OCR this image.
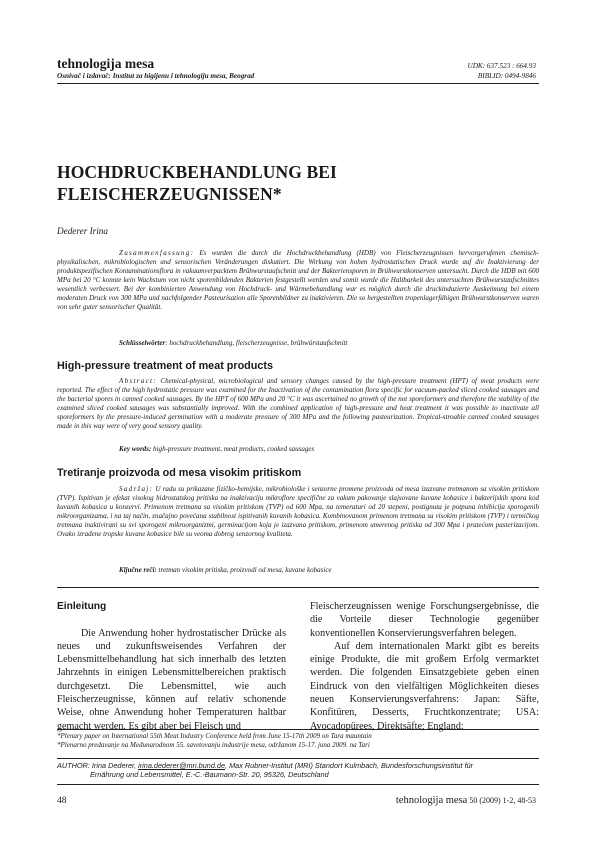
tehnologija mesa
Osnivač i izdavač: Institut za higijenu i tehnologiju mesa, Beograd
UDK: 637.523 : 664.93
BIBLID: 0494-9846
HOCHDRUCKBEHANDLUNG BEI FLEISCHERZEUGNISSEN*
Dederer Irina
Zusammenfassung: Es wurden die durch die Hochdruckbehandlung (HDB) von Fleischerzeugnissen hervorgerufenen chemisch-physikalischen, mikrobiologischen und sensorischen Veränderungen diskutiert. Die Wirkung von hohen hydrostatischen Druck wurde auf die Inaktivierung der produktspezifischen Kontaminationsflora in vakuumverpacktem Brühwurstaufschnitt und der Bakteriensporen in Brühwurstkonserven untersucht. Durch die HDB mit 600 MPa bei 20 °C konnte kein Wachstum von nicht sporenbildenden Bakterien festgestellt werden und somit wurde die Haltbarkeit des untersuchten Brühwurstaufschnittes wesentlich verbessert. Bei der kombinierten Anwendung von Hochdruck- und Wärmebehandlung war es möglich durch die druckinduzierte Auskeimung bei einem moderaten Druck von 300 MPa und nachfolgender Pasteurisation alle Sporenbildner zu inaktivieren. Die so hergestellten tropenlagerfähigen Brühwurstkonserven waren von sehr guter sensorischer Qualität.
Schlüsselwörter: hochdruckbehandlung, fleischerzeugnisse, brühwürstaufschnitt
High-pressure treatment of meat products
Abstract: Chemical-physical, microbiological and sensory changes caused by the high-pressure treatment (HPT) of meat products were reported. The effect of the high hydrostatic pressure was examined for the Inactivation of the contamination flora specific for vacuum-packed sliced cooked sausages and the bacterial spores in canned cooked sausages. By the HPT of 600 MPa and 20 °C it was ascertained no growth of the not sporeformers and therefore the stability of the examined sliced cooked sausages was substantially improved. With the combined application of high-pressure and heat treatment it was possible to inactivate all sporeformers by the pressure-induced germination with a moderate pressure of 300 MPa and the following pasteurization. Tropical-stroable canned cooked sausages made in this way were of very good sensory quality.
Key words: high-pressure treatment, meat products, cooked sausages
Tretiranje proizvoda od mesa visokim pritiskom
Sadržaj: U radu su prikazane fizičko-hemijske, mikrobiološke i senzorne promene proizvoda od mesa izazvane tretmanom sa visokim pritiskom (TVP). Ispitivan je efekat visokog hidrostatskog pritiska na inaktivaciju mikroflore specifične za vakum pakovanje slajsovane kuvane kobasice i bakterijskih spora kod kuvanih kobasica u konzervi. Primenom tretmana sa visokim pritiskom (TVP) od 600 Mpa, na temeraturi od 20 stepeni, postignuta je potpuna inhibicija sporogenih mikroorganizama, i na taj način, značajno povećana stabilnost ispitivanih kuvanih kobasica. Kombinovanom primenom tretmana sa visokim pritiskom (TVP) i termičkog tretmana inaktivirani su svi sporogeni mikroorganizmi, germinacijom koja je izazvana pritiskom, primenom umerenog pritiska od 300 Mpa i pratećom pasterizacijom. Ovako izrađene tropske kuvane kobasice bile su veoma dobrog senzornog kvaliteta.
Ključne reči: tretman visokim pritiska, proizvodi od mesa, kuvane kobasice
Einleitung

Die Anwendung hoher hydrostatischer Drücke als neues und zukunftsweisendes Verfahren der Lebensmittelbehandlung hat sich innerhalb des letzten Jahrzehnts in einigen Lebensmittelbereichen praktisch durchgesetzt. Die Lebensmittel, wie auch Fleischerzeugnisse, können auf relativ schonende Weise, ohne Anwendung hoher Temperaturen haltbar gemacht werden. Es gibt aber bei Fleisch und

Fleischerzeugnissen wenige Forschungsergebnisse, die die Vorteile dieser Technologie gegenüber konventionellen Konservierungsverfahren belegen.

Auf dem internationalen Markt gibt es bereits einige Produkte, die mit großem Erfolg vermarktet werden. Die folgenden Einsatzgebiete geben einen Eindruck von den vielfältigen Möglichkeiten dieses neuen Konservierungsverfahrens: Japan: Säfte, Konfitüren, Desserts, Fruchtkonzentrate; USA: Avocadopürees, Direktsäfte; England:

*Plenary paper on International 55th Meat Industry Conference held from June 15-17th 2009 on Tara mauntain
*Plenarno predavanje na Međunarodnom 55. savetovanju industrije mesa, održanom 15-17. juna 2009. na Tari
AUTHOR: Irina Dederer, irina.dederer@mri.bund.de, Max Rubner-Institut (MRI) Standort Kulmbach, Bundesforschungsinstitut für
Ernährung und Lebensmittel, E.-C.-Baumann-Str. 20, 95326, Deutschland
48	tehnologija mesa 50 (2009) 1-2, 48-53
